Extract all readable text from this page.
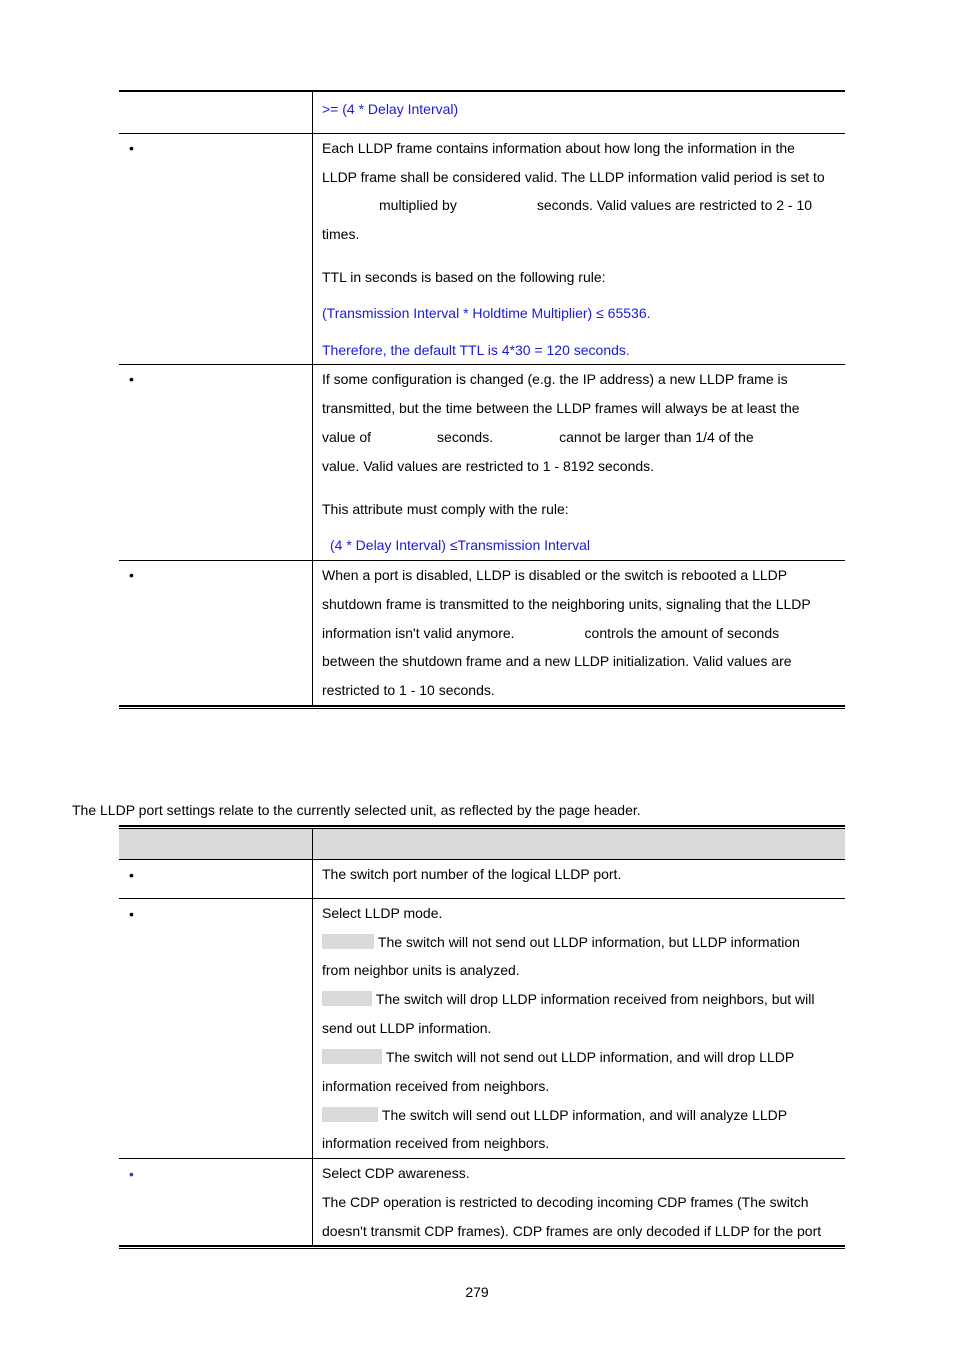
>= (4 * Delay Interval)
•	Each LLDP frame contains information about how long the information in the
LLDP frame shall be considered valid. The LLDP information valid period is set to
multiplied by	seconds. Valid values are restricted to 2 - 10
times.
TTL in seconds is based on the following rule:
(Transmission Interval * Holdtime Multiplier) ≤ 65536.
Therefore, the default TTL is 4*30 = 120 seconds.
•	If some configuration is changed (e.g. the IP address) a new LLDP frame is
transmitted, but the time between the LLDP frames will always be at least the
value of	seconds.	cannot be larger than 1/4 of the
value. Valid values are restricted to 1 - 8192 seconds.
This attribute must comply with the rule:
(4 * Delay Interval) ≤Transmission Interval
•	When a port is disabled, LLDP is disabled or the switch is rebooted a LLDP
shutdown frame is transmitted to the neighboring units, signaling that the LLDP
information isn't valid anymore.	controls the amount of seconds
between the shutdown frame and a new LLDP initialization. Valid values are
restricted to 1 - 10 seconds.
The LLDP port settings relate to the currently selected unit, as reflected by the page header.
•	The switch port number of the logical LLDP port.
•	Select LLDP mode.
The switch will not send out LLDP information, but LLDP information
from neighbor units is analyzed.
The switch will drop LLDP information received from neighbors, but will
send out LLDP information.
The switch will not send out LLDP information, and will drop LLDP
information received from neighbors.
The switch will send out LLDP information, and will analyze LLDP
information received from neighbors.
•	Select CDP awareness.
The CDP operation is restricted to decoding incoming CDP frames (The switch
doesn't transmit CDP frames). CDP frames are only decoded if LLDP for the port
279
